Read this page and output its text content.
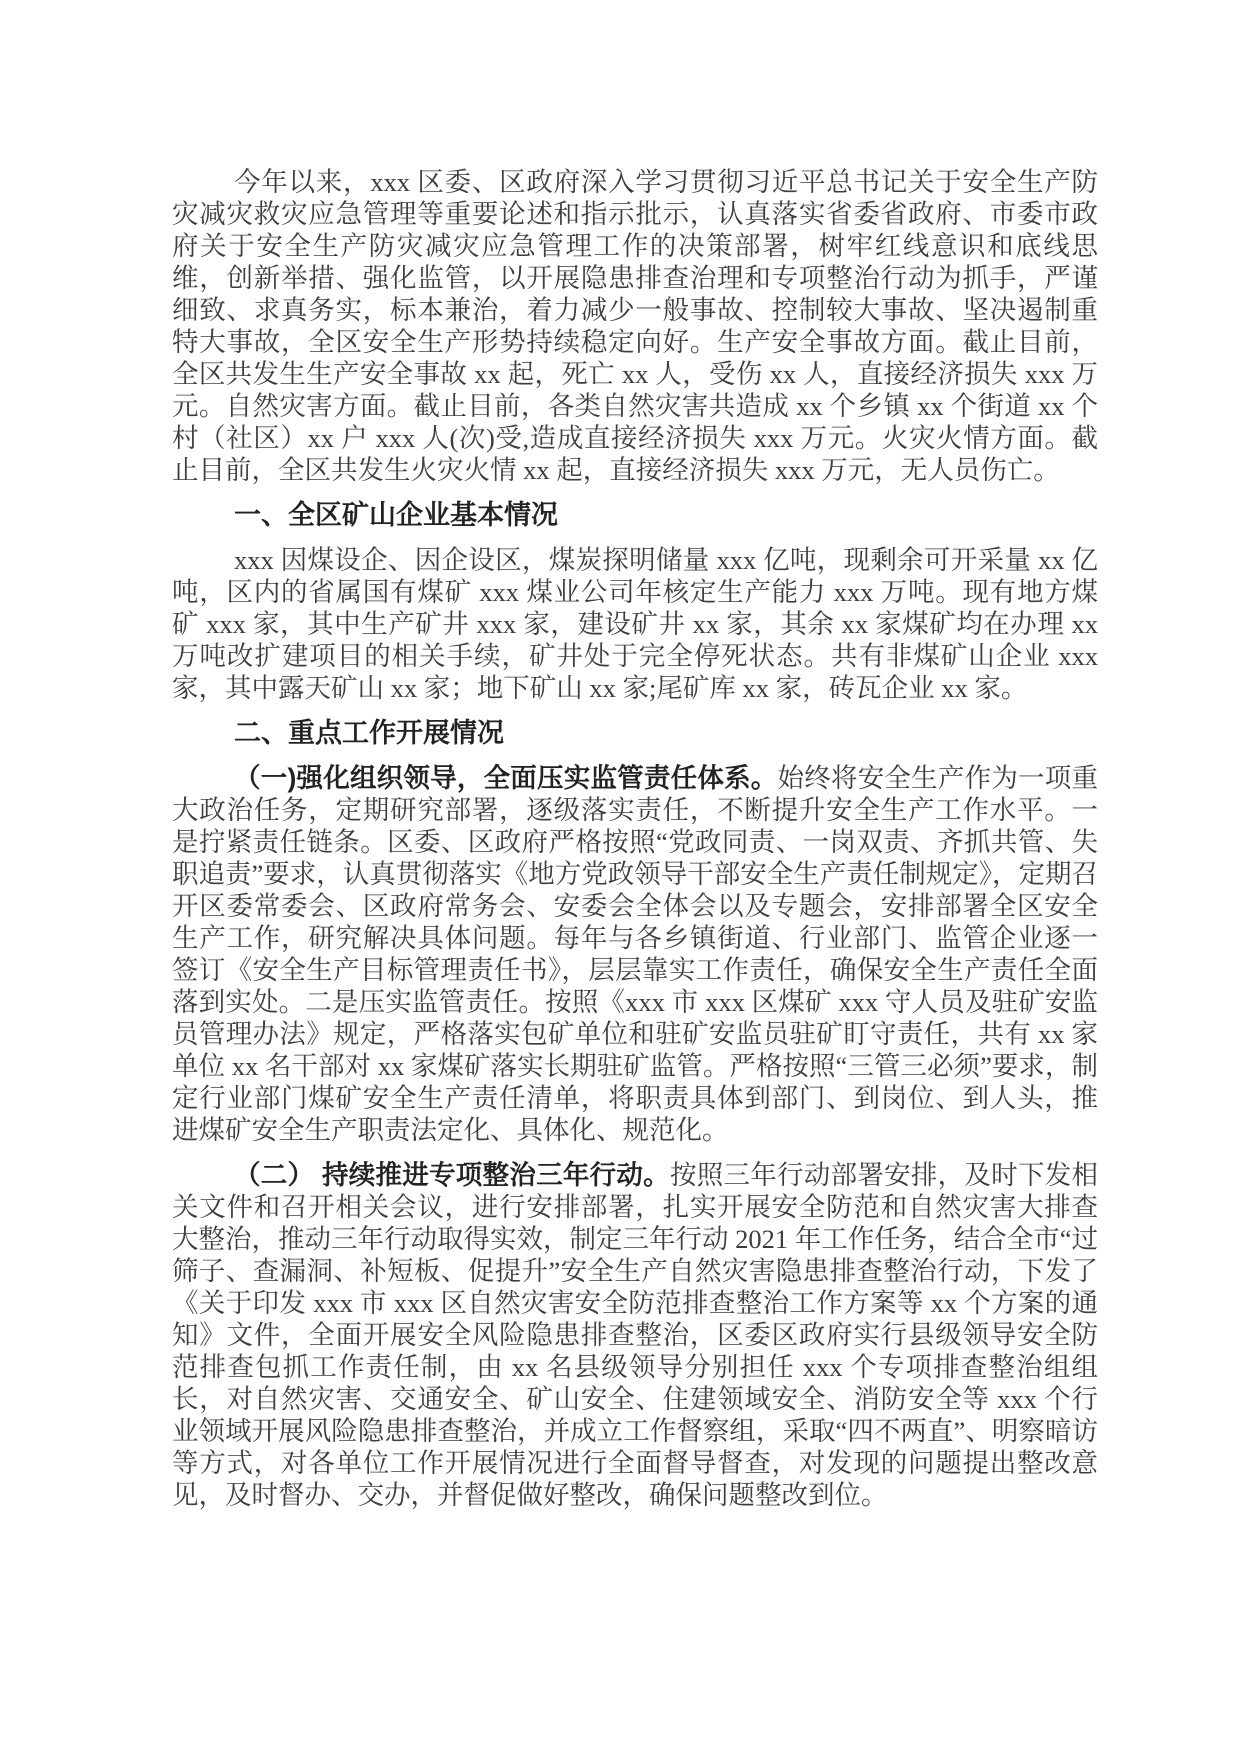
今年以来，xxx 区委、区政府深入学习贯彻习近平总书记关于安全生产防灾减灾救灾应急管理等重要论述和指示批示，认真落实省委省政府、市委市政府关于安全生产防灾减灾应急管理工作的决策部署，树牢红线意识和底线思维，创新举措、强化监管，以开展隐患排查治理和专项整治行动为抓手，严谨细致、求真务实，标本兼治，着力减少一般事故、控制较大事故、坚决遏制重特大事故，全区安全生产形势持续稳定向好。生产安全事故方面。截止目前，全区共发生生产安全事故 xx 起，死亡 xx 人，受伤 xx 人，直接经济损失 xxx 万元。自然灾害方面。截止目前，各类自然灾害共造成 xx 个乡镇 xx 个街道 xx 个村（社区）xx 户 xxx 人(次)受,造成直接经济损失 xxx 万元。火灾火情方面。截止目前，全区共发生火灾火情 xx 起，直接经济损失 xxx 万元，无人员伤亡。

一、全区矿山企业基本情况

xxx 因煤设企、因企设区，煤炭探明储量 xxx 亿吨，现剩余可开采量 xx 亿吨，区内的省属国有煤矿 xxx 煤业公司年核定生产能力 xxx 万吨。现有地方煤矿 xxx 家，其中生产矿井 xxx 家，建设矿井 xx 家，其余 xx 家煤矿均在办理 xx 万吨改扩建项目的相关手续，矿井处于完全停死状态。共有非煤矿山企业 xxx 家，其中露天矿山 xx 家；地下矿山 xx 家;尾矿库 xx 家，砖瓦企业 xx 家。

二、重点工作开展情况

（一)强化组织领导，全面压实监管责任体系。始终将安全生产作为一项重大政治任务，定期研究部署，逐级落实责任，不断提升安全生产工作水平。一是拧紧责任链条。区委、区政府严格按照“党政同责、一岗双责、齐抓共管、失职追责”要求，认真贯彻落实《地方党政领导干部安全生产责任制规定》，定期召开区委常委会、区政府常务会、安委会全体会以及专题会，安排部署全区安全生产工作，研究解决具体问题。每年与各乡镇街道、行业部门、监管企业逐一签订《安全生产目标管理责任书》，层层靠实工作责任，确保安全生产责任全面落到实处。二是压实监管责任。按照《xxx 市 xxx 区煤矿 xxx 守人员及驻矿安监员管理办法》规定，严格落实包矿单位和驻矿安监员驻矿盯守责任，共有 xx 家单位 xx 名干部对 xx 家煤矿落实长期驻矿监管。严格按照“三管三必须”要求，制定行业部门煤矿安全生产责任清单，将职责具体到部门、到岗位、到人头，推进煤矿安全生产职责法定化、具体化、规范化。

（二） 持续推进专项整治三年行动。按照三年行动部署安排，及时下发相关文件和召开相关会议，进行安排部署，扎实开展安全防范和自然灾害大排查大整治，推动三年行动取得实效，制定三年行动 2021 年工作任务，结合全市“过筛子、查漏洞、补短板、促提升”安全生产自然灾害隐患排查整治行动，下发了《关于印发 xxx 市 xxx 区自然灾害安全防范排查整治工作方案等 xx 个方案的通知》文件，全面开展安全风险隐患排查整治，区委区政府实行县级领导安全防范排查包抓工作责任制，由 xx 名县级领导分别担任 xxx 个专项排查整治组组长，对自然灾害、交通安全、矿山安全、住建领域安全、消防安全等 xxx 个行业领域开展风险隐患排查整治，并成立工作督察组，采取“四不两直”、明察暗访等方式，对各单位工作开展情况进行全面督导督查，对发现的问题提出整改意见，及时督办、交办，并督促做好整改，确保问题整改到位。
